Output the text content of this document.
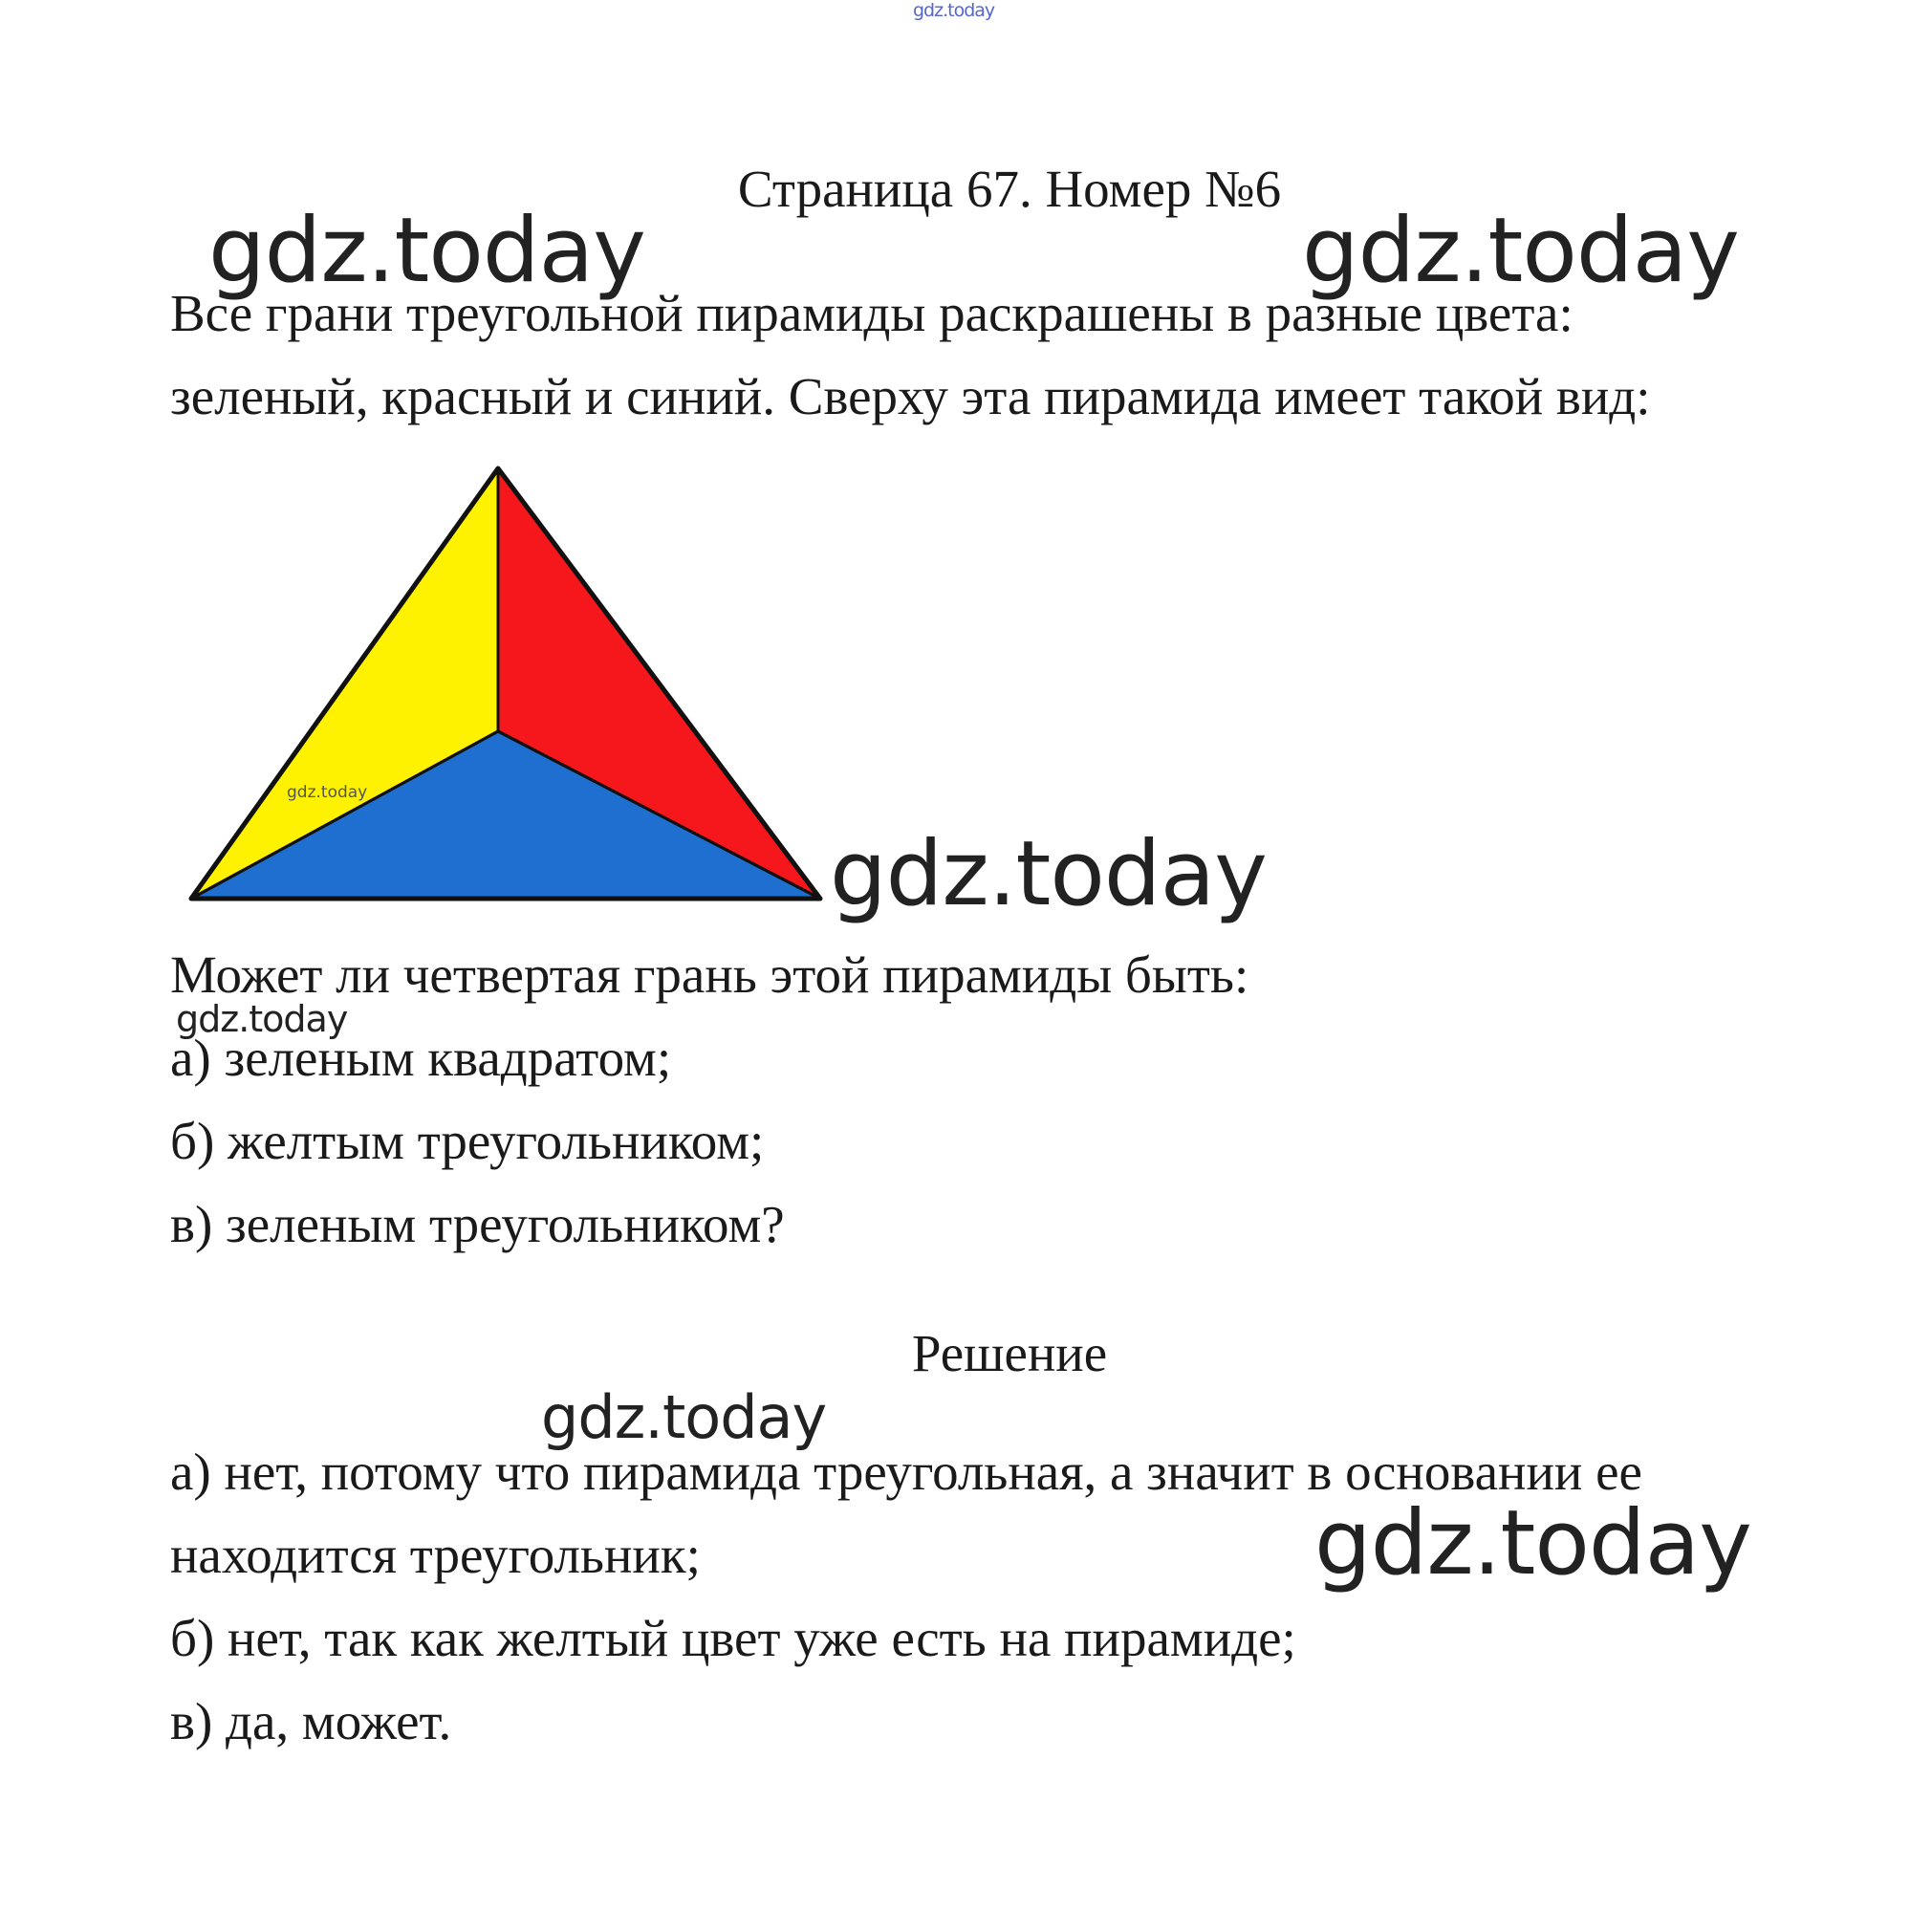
gdz.today
Страница 67. Номер №6
gdz.today	gdz.today
Все грани треугольной пирамиды раскрашены в разные цвета:
зеленый, красный и синий. Сверху эта пирамида имеет такой вид:
gdz.today
gdz.today
Может ли четвертая грань этой пирамиды быть:
gdz.today
а) зеленым квадратом;
б) желтым треугольником;
в) зеленым треугольником?
Решение
gdz.today
а) нет, потому что пирамида треугольная, а значит в основании ее
находится треугольник;	gdz.today
б) нет, так как желтый цвет уже есть на пирамиде;
в) да, может.
